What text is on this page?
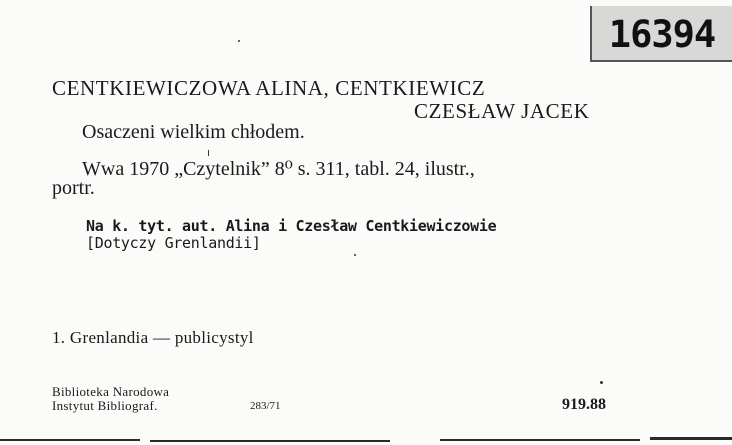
16394
CENTKIEWICZOWA ALINA, CENTKIEWICZ
CZESŁAW JACEK
Osaczeni wielkim chłodem.
Wwa 1970 „Czytelnik” 8⁰ s. 311, tabl. 24, ilustr.,
portr.
Na k. tyt. aut. Alina i Czesław Centkiewiczowie
[Dotyczy Grenlandii]
1. Grenlandia — publicystyl
Biblioteka Narodowa
Instytut Bibliograf.	283/71	919.88
